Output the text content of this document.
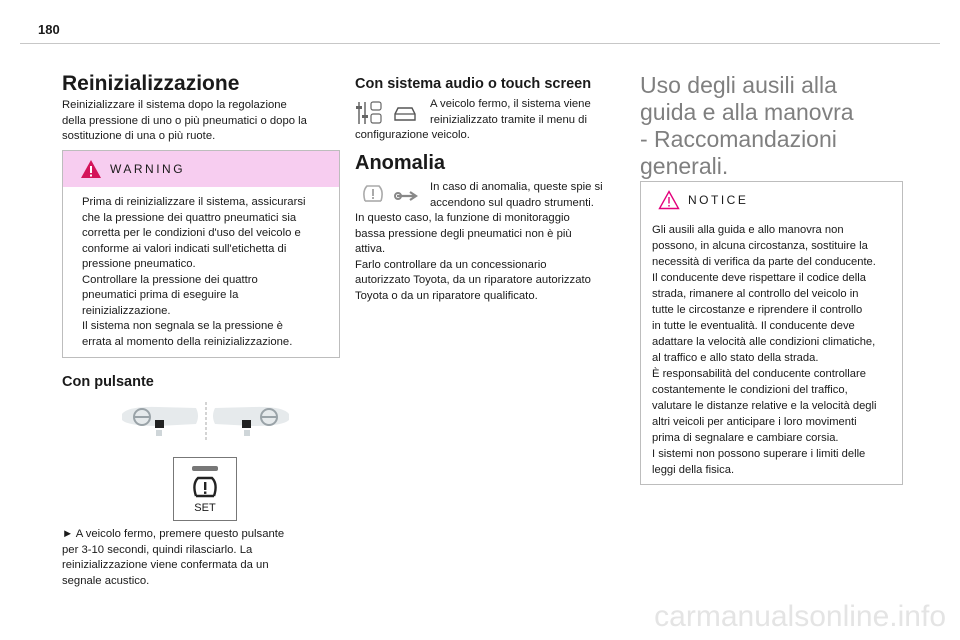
180
Reinizializzazione
Reinizializzare il sistema dopo la regolazione
della pressione di uno o più pneumatici o dopo la
sostituzione di una o più ruote.
WARNING
Prima di reinizializzare il sistema, assicurarsi
che la pressione dei quattro pneumatici sia
corretta per le condizioni d'uso del veicolo e
conforme ai valori indicati sull'etichetta di
pressione pneumatico.
Controllare la pressione dei quattro
pneumatici prima di eseguire la
reinizializzazione.
Il sistema non segnala se la pressione è
errata al momento della reinizializzazione.
Con pulsante
SET
► A veicolo fermo, premere questo pulsante
per 3-10 secondi, quindi rilasciarlo. La
reinizializzazione viene confermata da un
segnale acustico.
Con sistema audio o touch screen
A veicolo fermo, il sistema viene
reinizializzato tramite il menu di
configurazione veicolo.
Anomalia
In caso di anomalia, queste spie si
accendono sul quadro strumenti.
In questo caso, la funzione di monitoraggio
bassa pressione degli pneumatici non è più
attiva.
Farlo controllare da un concessionario
autorizzato Toyota, da un riparatore autorizzato
Toyota o da un riparatore qualificato.
Uso degli ausili alla
guida e alla manovra
- Raccomandazioni
generali.
NOTICE
Gli ausili alla guida e allo manovra non
possono, in alcuna circostanza, sostituire la
necessità di verifica da parte del conducente.
Il conducente deve rispettare il codice della
strada, rimanere al controllo del veicolo in
tutte le circostanze e riprendere il controllo
in tutte le eventualità. Il conducente deve
adattare la velocità alle condizioni climatiche,
al traffico e allo stato della strada.
È responsabilità del conducente controllare
costantemente le condizioni del traffico,
valutare le distanze relative e la velocità degli
altri veicoli per anticipare i loro movimenti
prima di segnalare e cambiare corsia.
I sistemi non possono superare i limiti delle
leggi della fisica.
carmanualsonline.info
